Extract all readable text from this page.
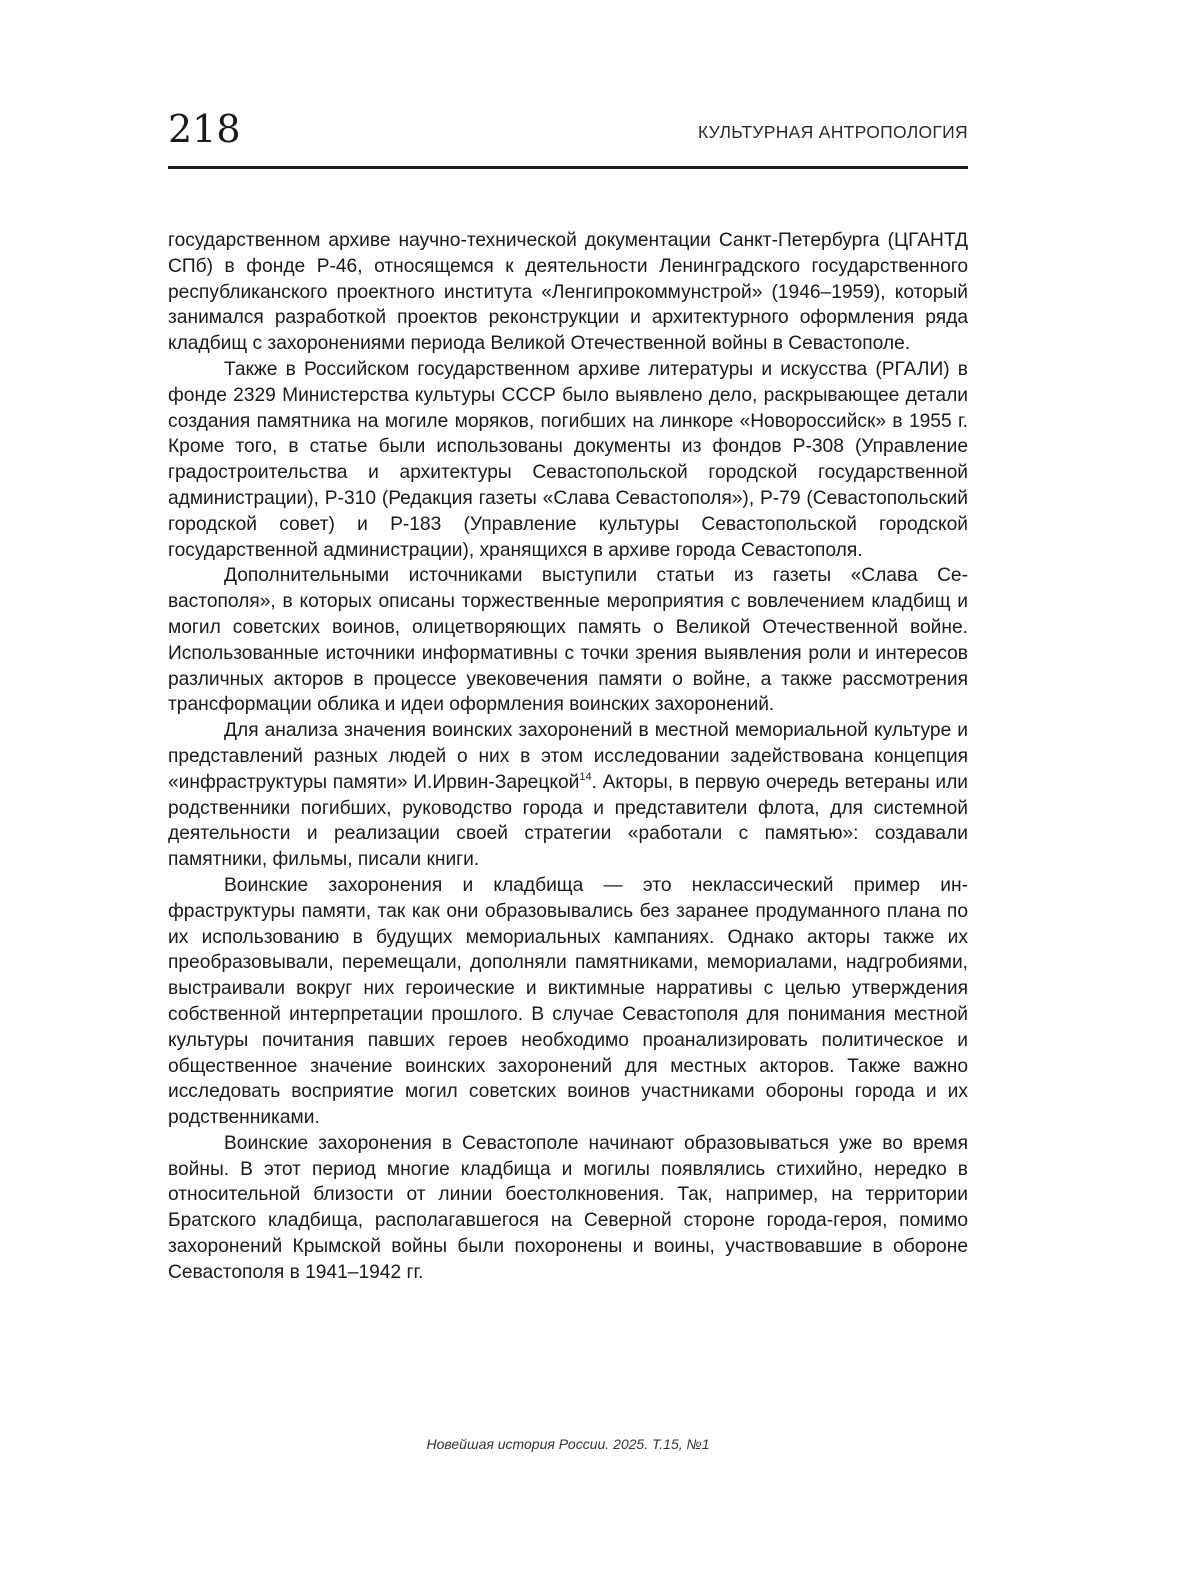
218	КУЛЬТУРНАЯ АНТРОПОЛОГИЯ

государственном архиве научно-технической документации Санкт-Петербурга (ЦГАНТД СПб) в фонде Р-46, относящемся к деятельности Ленинградского государственного республиканского проектного института «Ленгипрокоммунстрой» (1946–1959), который занимался разработкой проектов реконструкции и архитектурного оформления ряда кладбищ с захоронениями периода Великой Отечественной войны в Севастополе.

Также в Российском государственном архиве литературы и искусства (РГАЛИ) в фонде 2329 Министерства культуры СССР было выявлено дело, раскрывающее детали создания памятника на могиле моряков, погибших на линкоре «Новороссийск» в 1955 г. Кроме того, в статье были использованы документы из фондов Р-308 (Управление градостроительства и архитектуры Севастопольской городской государственной администрации), Р-310 (Редакция газеты «Слава Севастополя»), Р-79 (Севастопольский городской совет) и Р-183 (Управление культуры Севастопольской городской государственной администрации), хранящихся в архиве города Севастополя.

Дополнительными источниками выступили статьи из газеты «Слава Севастополя», в которых описаны торжественные мероприятия с вовлечением кладбищ и могил советских воинов, олицетворяющих память о Великой Отечественной войне. Использованные источники информативны с точки зрения выявления роли и интересов различных акторов в процессе увековечения памяти о войне, а также рассмотрения трансформации облика и идеи оформления воинских захоронений.

Для анализа значения воинских захоронений в местной мемориальной культуре и представлений разных людей о них в этом исследовании задействована концепция «инфраструктуры памяти» И.Ирвин-Зарецкой$^{14}$. Акторы, в первую очередь ветераны или родственники погибших, руководство города и представители флота, для системной деятельности и реализации своей стратегии «работали с памятью»: создавали памятники, фильмы, писали книги.

Воинские захоронения и кладбища — это неклассический пример инфраструктуры памяти, так как они образовывались без заранее продуманного плана по их использованию в будущих мемориальных кампаниях. Однако акторы также их преобразовывали, перемещали, дополняли памятниками, мемориалами, надгробиями, выстраивали вокруг них героические и виктимные нарративы с целью утверждения собственной интерпретации прошлого. В случае Севастополя для понимания местной культуры почитания павших героев необходимо проанализировать политическое и общественное значение воинских захоронений для местных акторов. Также важно исследовать восприятие могил советских воинов участниками обороны города и их родственниками.

Воинские захоронения в Севастополе начинают образовываться уже во время войны. В этот период многие кладбища и могилы появлялись стихийно, нередко в относительной близости от линии боестолкновения. Так, например, на территории Братского кладбища, располагавшегося на Северной стороне города-героя, помимо захоронений Крымской войны были похоронены и воины, участвовавшие в обороне Севастополя в 1941–1942 гг.

Новейшая история России. 2025. Т.15, №1
